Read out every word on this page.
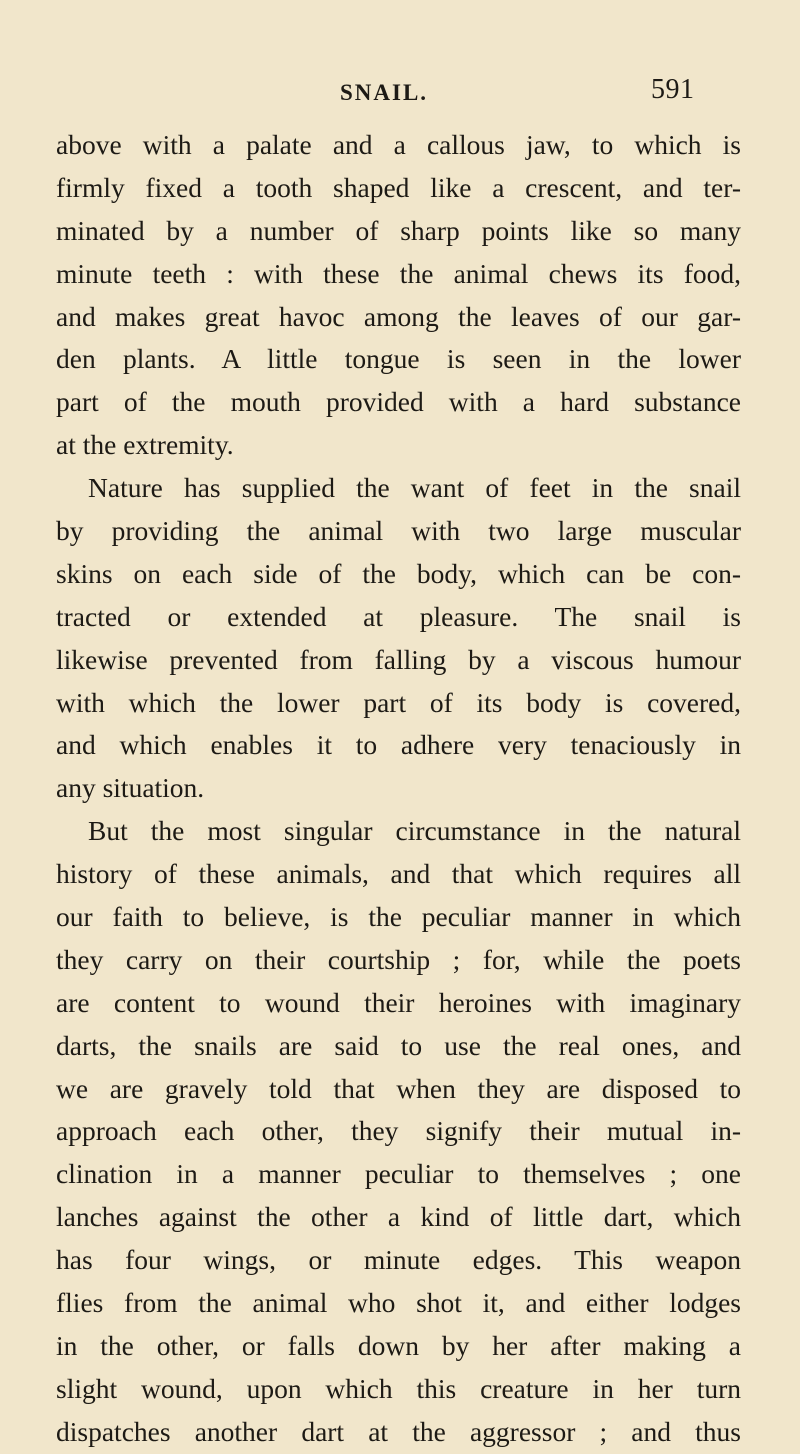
SNAIL.	591
above with a palate and a callous jaw, to which is
firmly fixed a tooth shaped like a crescent, and ter-
minated by a number of sharp points like so many
minute teeth : with these the animal chews its food,
and makes great havoc among the leaves of our gar-
den plants. A little tongue is seen in the lower
part of the mouth provided with a hard substance
at the extremity.
Nature has supplied the want of feet in the snail
by providing the animal with two large muscular
skins on each side of the body, which can be con-
tracted or extended at pleasure. The snail is
likewise prevented from falling by a viscous humour
with which the lower part of its body is covered,
and which enables it to adhere very tenaciously in
any situation.
But the most singular circumstance in the natural
history of these animals, and that which requires all
our faith to believe, is the peculiar manner in which
they carry on their courtship ; for, while the poets
are content to wound their heroines with imaginary
darts, the snails are said to use the real ones, and
we are gravely told that when they are disposed to
approach each other, they signify their mutual in-
clination in a manner peculiar to themselves ; one
lanches against the other a kind of little dart, which
has four wings, or minute edges. This weapon
flies from the animal who shot it, and either lodges
in the other, or falls down by her after making a
slight wound, upon which this creature in her turn
dispatches another dart at the aggressor ; and thus
